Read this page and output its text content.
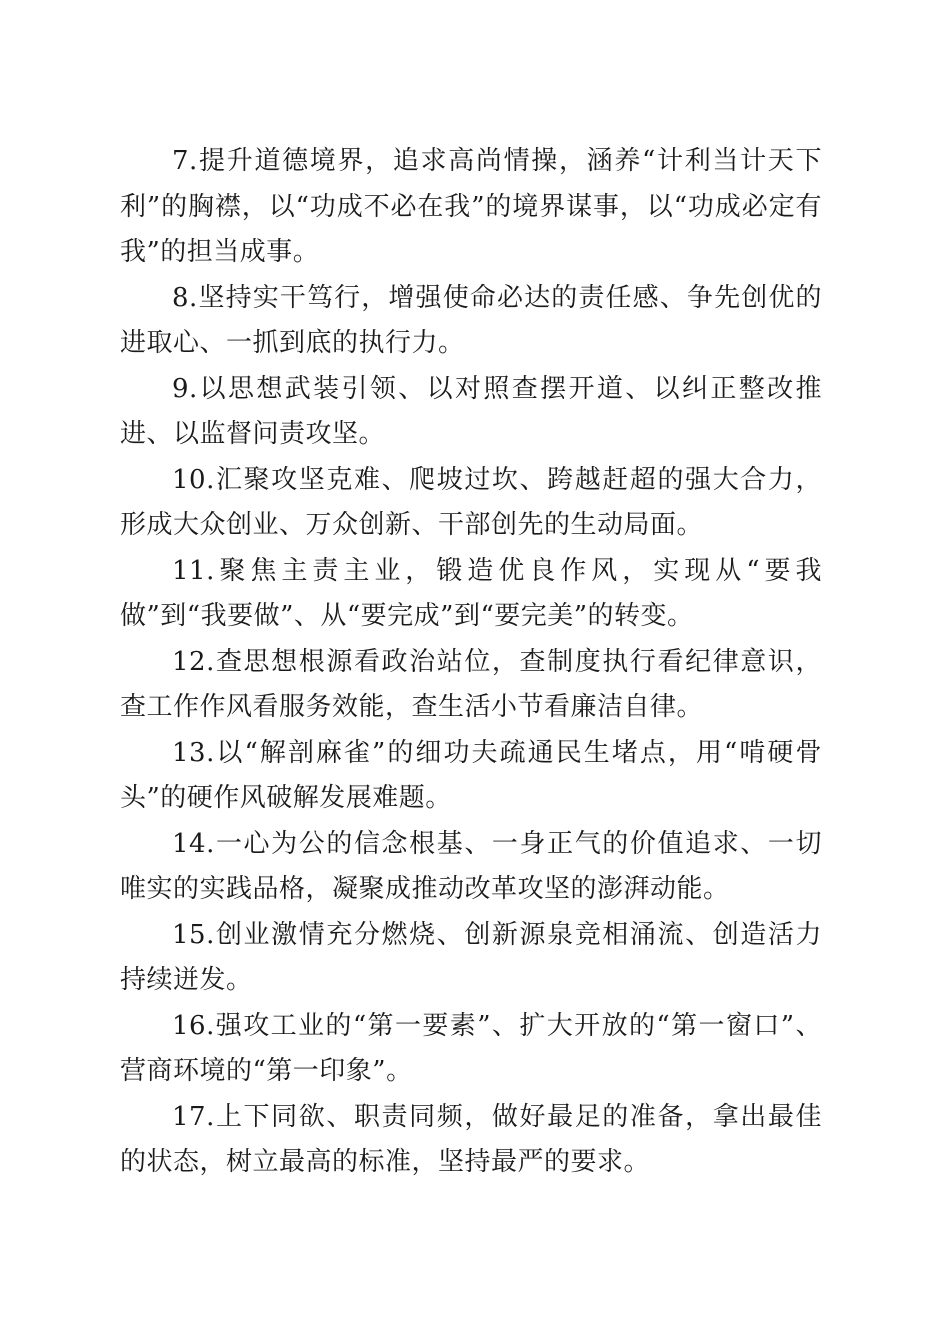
7.提升道德境界，追求高尚情操，涵养“计利当计天下利”的胸襟，以“功成不必在我”的境界谋事，以“功成必定有我”的担当成事。

8.坚持实干笃行，增强使命必达的责任感、争先创优的进取心、一抓到底的执行力。

9.以思想武装引领、以对照查摆开道、以纠正整改推进、以监督问责攻坚。

10.汇聚攻坚克难、爬坡过坎、跨越赶超的强大合力，形成大众创业、万众创新、干部创先的生动局面。

11.聚焦主责主业，锻造优良作风，实现从“要我做”到“我要做”、从“要完成”到“要完美”的转变。

12.查思想根源看政治站位，查制度执行看纪律意识，查工作作风看服务效能，查生活小节看廉洁自律。

13.以“解剖麻雀”的细功夫疏通民生堵点，用“啃硬骨头”的硬作风破解发展难题。

14.一心为公的信念根基、一身正气的价值追求、一切唯实的实践品格，凝聚成推动改革攻坚的澎湃动能。

15.创业激情充分燃烧、创新源泉竞相涌流、创造活力持续迸发。

16.强攻工业的“第一要素”、扩大开放的“第一窗口”、营商环境的“第一印象”。

17.上下同欲、职责同频，做好最足的准备，拿出最佳的状态，树立最高的标准，坚持最严的要求。
